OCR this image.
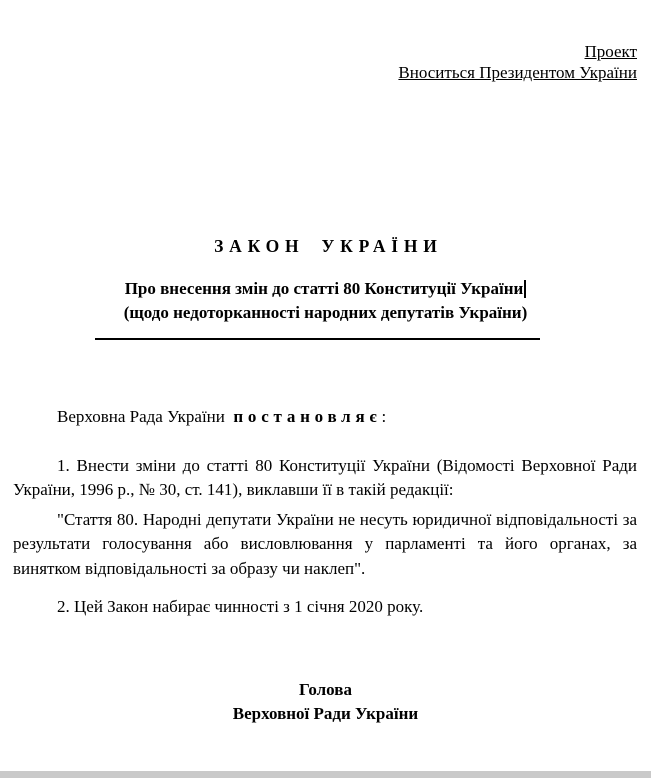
Проект
Вноситься Президентом України
ЗАКОН УКРАЇНИ
Про внесення змін до статті 80 Конституції України
(щодо недоторканності народних депутатів України)

Верховна Рада України постановляє:

1. Внести зміни до статті 80 Конституції України (Відомості Верховної Ради України, 1996 р., № 30, ст. 141), виклавши її в такій редакції:

"Стаття 80. Народні депутати України не несуть юридичної відповідальності за результати голосування або висловлювання у парламенті та його органах, за винятком відповідальності за образу чи наклеп".

2. Цей Закон набирає чинності з 1 січня 2020 року.

Голова
Верховної Ради України
